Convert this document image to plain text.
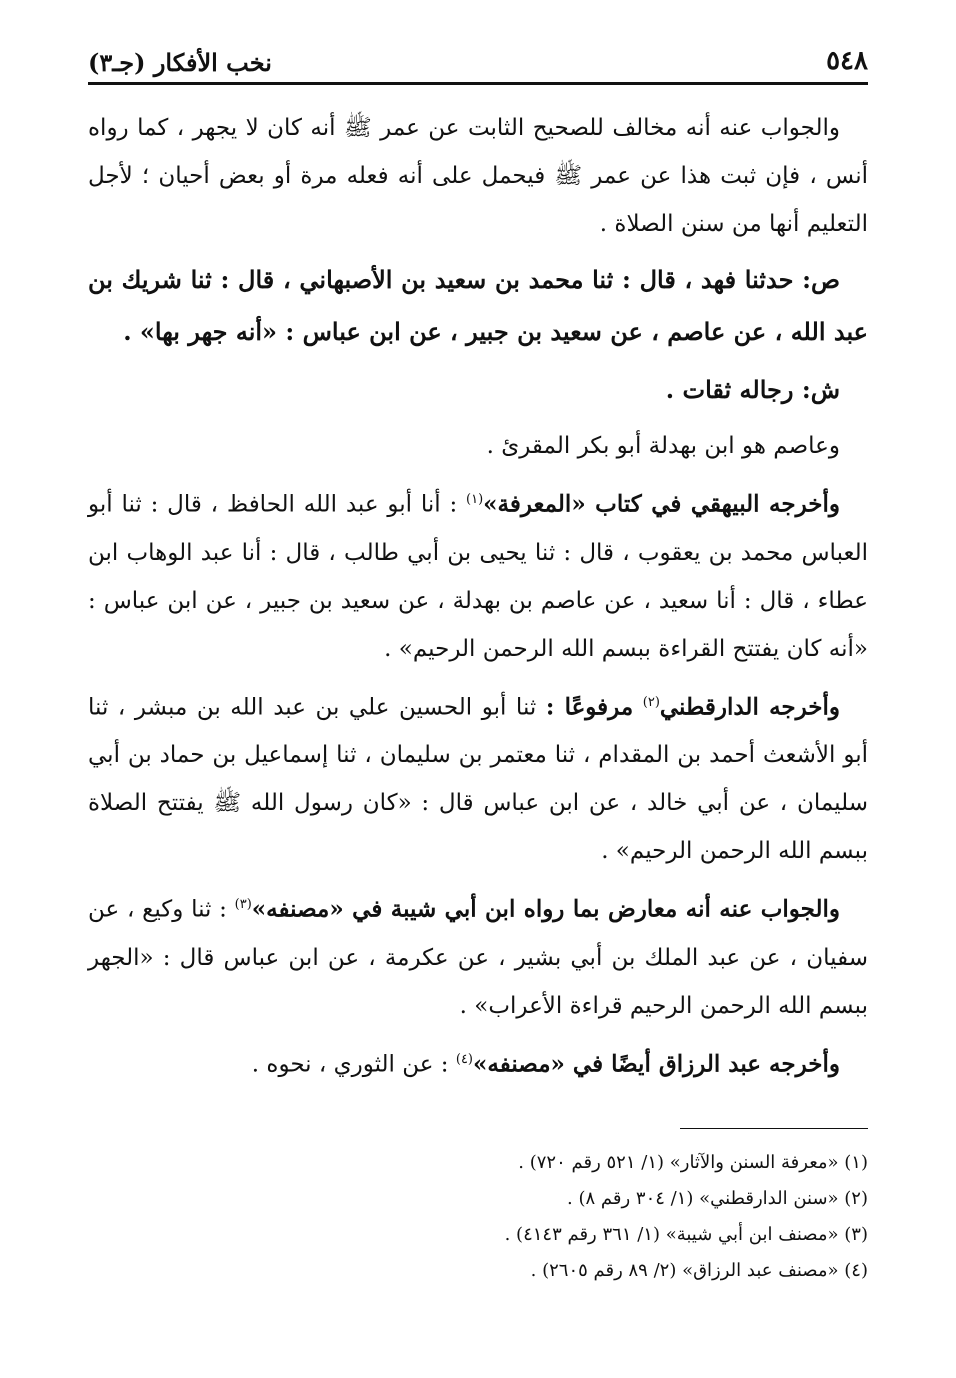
٥٤٨
نخب الأفكار (جـ٣)

والجواب عنه أنه مخالف للصحيح الثابت عن عمر ﷺ أنه كان لا يجهر ، كما رواه أنس ، فإن ثبت هذا عن عمر ﷺ فيحمل على أنه فعله مرة أو بعض أحيان ؛ لأجل التعليم أنها من سنن الصلاة .

ص: حدثنا فهد ، قال : ثنا محمد بن سعيد بن الأصبهاني ، قال : ثنا شريك بن عبد الله ، عن عاصم ، عن سعيد بن جبير ، عن ابن عباس : «أنه جهر بها» .

ش: رجاله ثقات .

وعاصم هو ابن بهدلة أبو بكر المقرئ .

وأخرجه البيهقي في كتاب «المعرفة»$^{(١)}$ : أنا أبو عبد الله الحافظ ، قال : ثنا أبو العباس محمد بن يعقوب ، قال : ثنا يحيى بن أبي طالب ، قال : أنا عبد الوهاب ابن عطاء ، قال : أنا سعيد ، عن عاصم بن بهدلة ، عن سعيد بن جبير ، عن ابن عباس : «أنه كان يفتتح القراءة ببسم الله الرحمن الرحيم» .

وأخرجه الدارقطني$^{(٢)}$ مرفوعًا : ثنا أبو الحسين علي بن عبد الله بن مبشر ، ثنا أبو الأشعث أحمد بن المقدام ، ثنا معتمر بن سليمان ، ثنا إسماعيل بن حماد بن أبي سليمان ، عن أبي خالد ، عن ابن عباس قال : «كان رسول الله ﷺ يفتتح الصلاة ببسم الله الرحمن الرحيم» .

والجواب عنه أنه معارض بما رواه ابن أبي شيبة في «مصنفه»$^{(٣)}$ : ثنا وكيع ، عن سفيان ، عن عبد الملك بن أبي بشير ، عن عكرمة ، عن ابن عباس قال : «الجهر ببسم الله الرحمن الرحيم قراءة الأعراب» .

وأخرجه عبد الرزاق أيضًا في «مصنفه»$^{(٤)}$ : عن الثوري ، نحوه .

(١) «معرفة السنن والآثار» (١/ ٥٢١ رقم ٧٢٠) .

(٢) «سنن الدارقطني» (١/ ٣٠٤ رقم ٨) .

(٣) «مصنف ابن أبي شيبة» (١/ ٣٦١ رقم ٤١٤٣) .

(٤) «مصنف عبد الرزاق» (٢/ ٨٩ رقم ٢٦٠٥) .
